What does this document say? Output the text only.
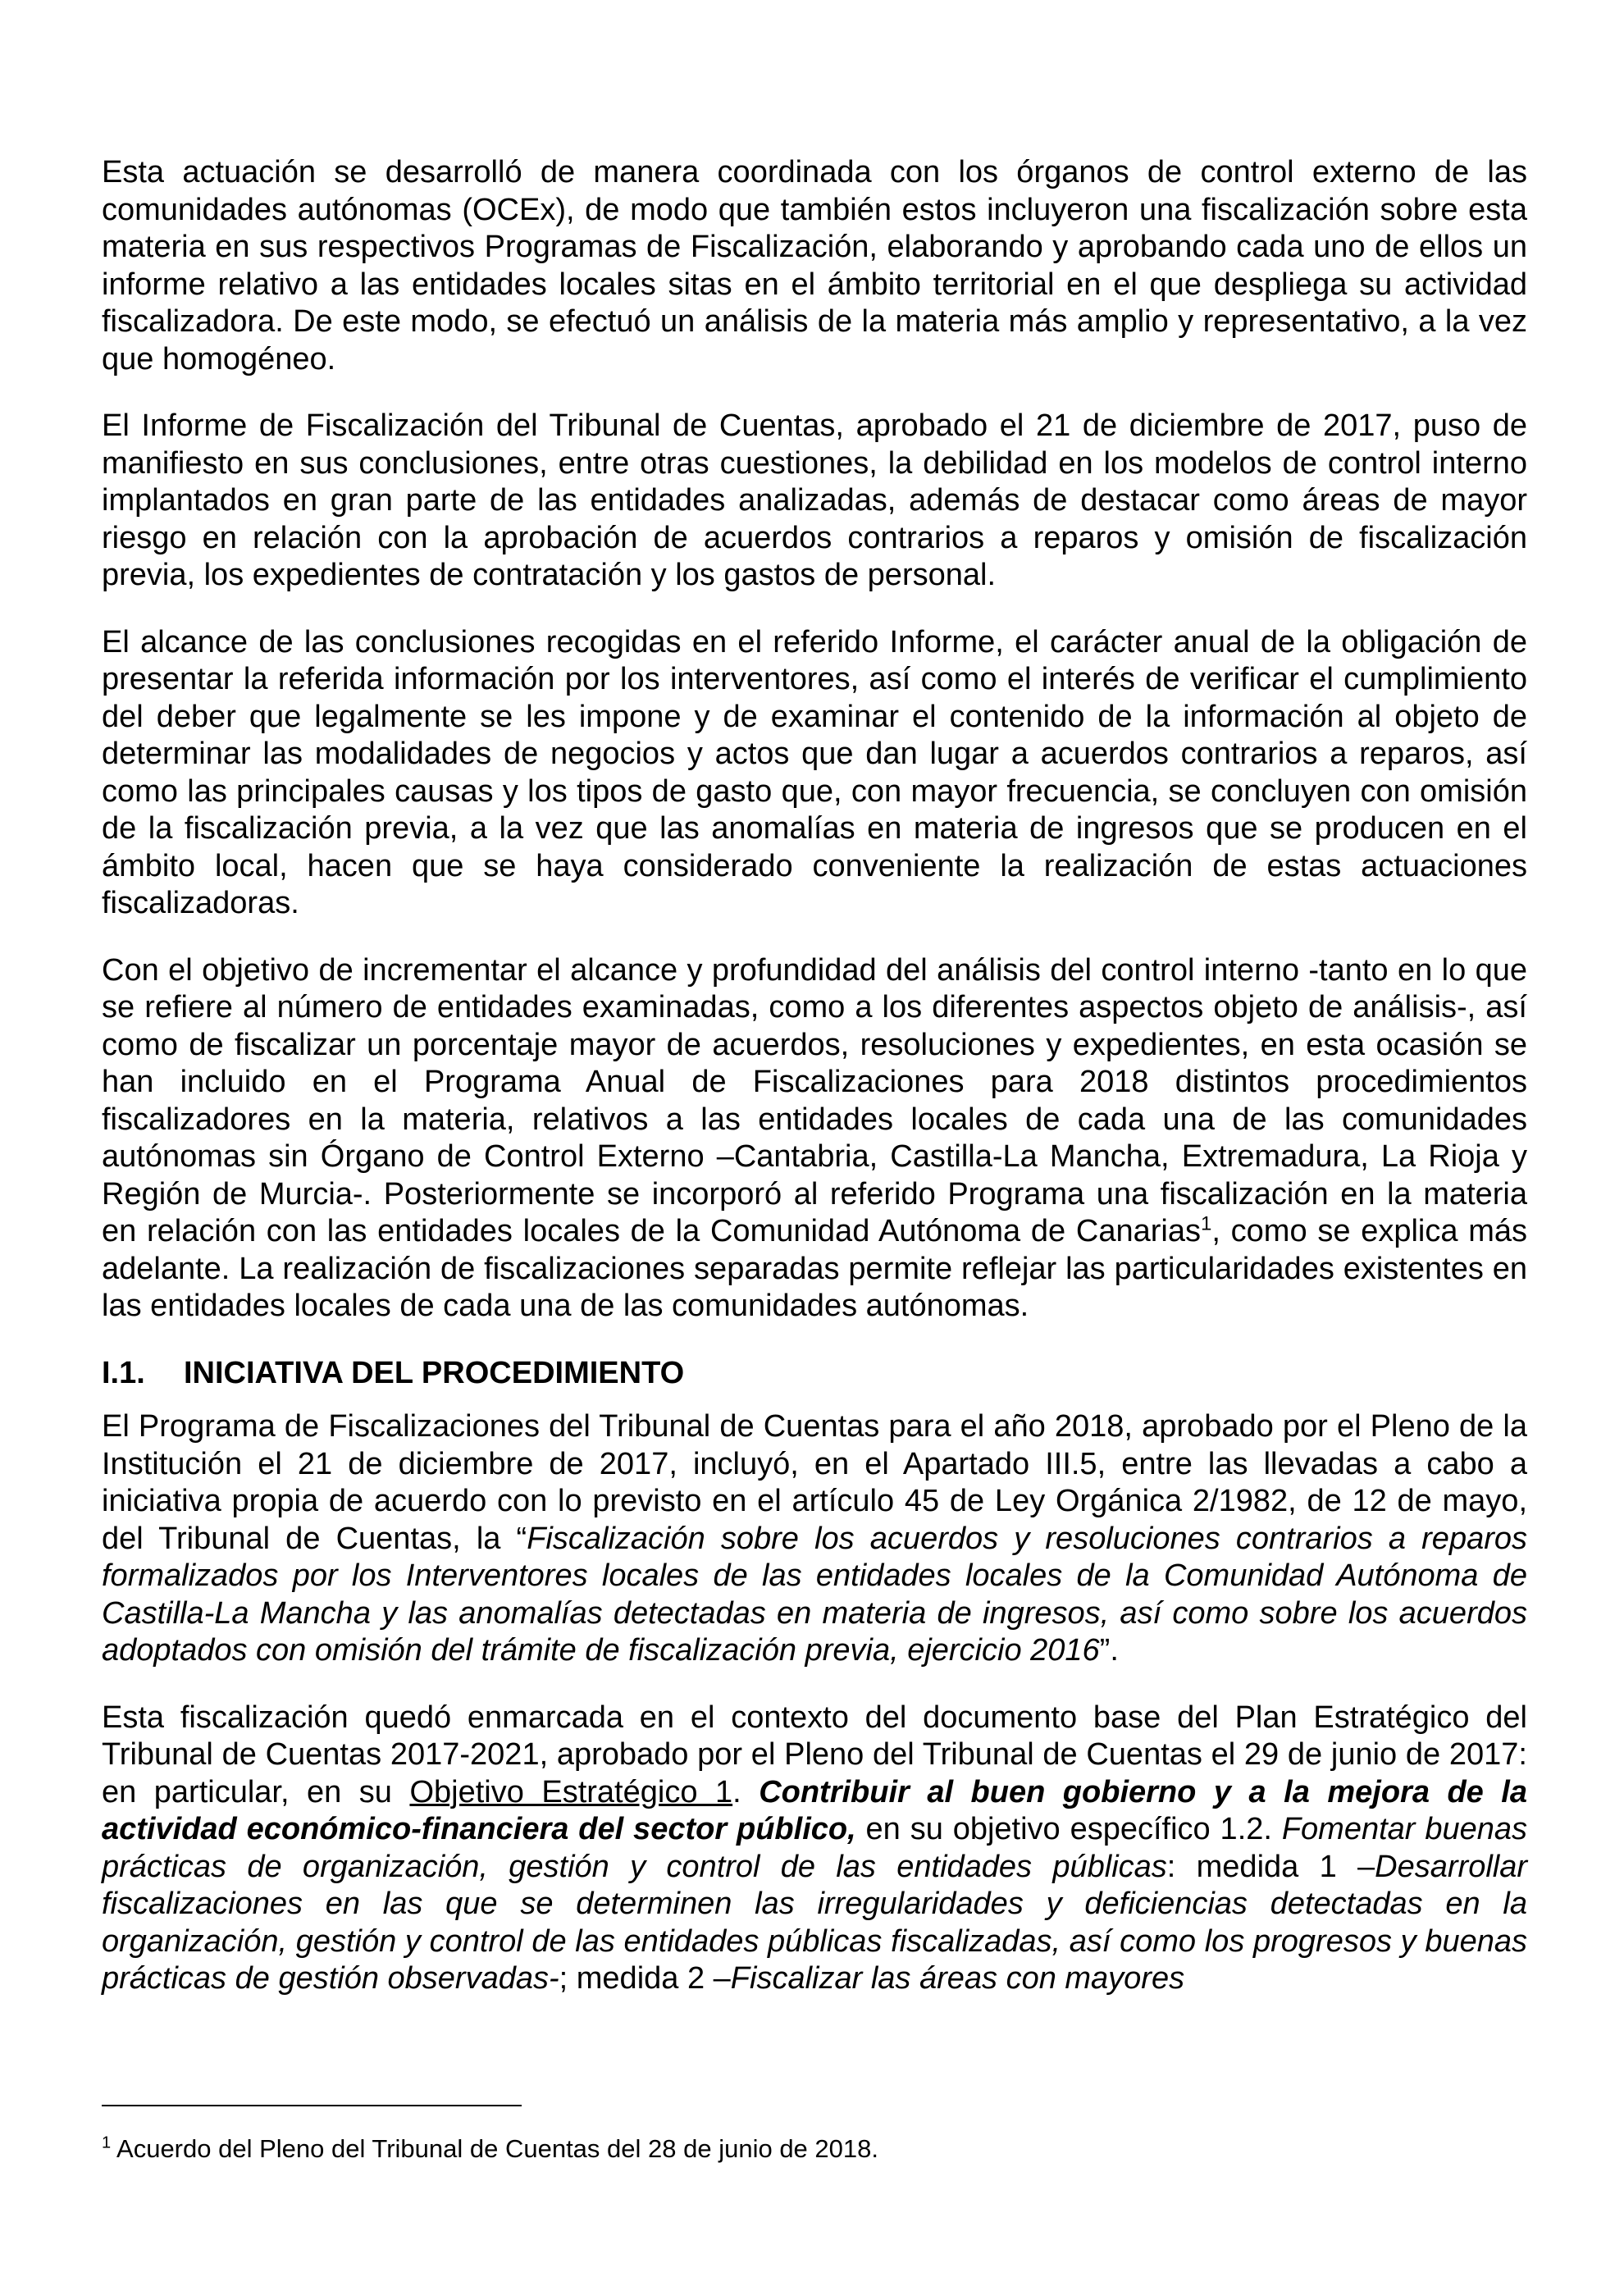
Esta actuación se desarrolló de manera coordinada con los órganos de control externo de las comunidades autónomas (OCEx), de modo que también estos incluyeron una fiscalización sobre esta materia en sus respectivos Programas de Fiscalización, elaborando y aprobando cada uno de ellos un informe relativo a las entidades locales sitas en el ámbito territorial en el que despliega su actividad fiscalizadora. De este modo, se efectuó un análisis de la materia más amplio y representativo, a la vez que homogéneo.

El Informe de Fiscalización del Tribunal de Cuentas, aprobado el 21 de diciembre de 2017, puso de manifiesto en sus conclusiones, entre otras cuestiones, la debilidad en los modelos de control interno implantados en gran parte de las entidades analizadas, además de destacar como áreas de mayor riesgo en relación con la aprobación de acuerdos contrarios a reparos y omisión de fiscalización previa, los expedientes de contratación y los gastos de personal.

El alcance de las conclusiones recogidas en el referido Informe, el carácter anual de la obligación de presentar la referida información por los interventores, así como el interés de verificar el cumplimiento del deber que legalmente se les impone y de examinar el contenido de la información al objeto de determinar las modalidades de negocios y actos que dan lugar a acuerdos contrarios a reparos, así como las principales causas y los tipos de gasto que, con mayor frecuencia, se concluyen con omisión de la fiscalización previa, a la vez que las anomalías en materia de ingresos que se producen en el ámbito local, hacen que se haya considerado conveniente la realización de estas actuaciones fiscalizadoras.

Con el objetivo de incrementar el alcance y profundidad del análisis del control interno -tanto en lo que se refiere al número de entidades examinadas, como a los diferentes aspectos objeto de análisis-, así como de fiscalizar un porcentaje mayor de acuerdos, resoluciones y expedientes, en esta ocasión se han incluido en el Programa Anual de Fiscalizaciones para 2018 distintos procedimientos fiscalizadores en la materia, relativos a las entidades locales de cada una de las comunidades autónomas sin Órgano de Control Externo –Cantabria, Castilla-La Mancha, Extremadura, La Rioja y Región de Murcia-. Posteriormente se incorporó al referido Programa una fiscalización en la materia en relación con las entidades locales de la Comunidad Autónoma de Canarias$^1$, como se explica más adelante. La realización de fiscalizaciones separadas permite reflejar las particularidades existentes en las entidades locales de cada una de las comunidades autónomas.

I.1.	INICIATIVA DEL PROCEDIMIENTO

El Programa de Fiscalizaciones del Tribunal de Cuentas para el año 2018, aprobado por el Pleno de la Institución el 21 de diciembre de 2017, incluyó, en el Apartado III.5, entre las llevadas a cabo a iniciativa propia de acuerdo con lo previsto en el artículo 45 de Ley Orgánica 2/1982, de 12 de mayo, del Tribunal de Cuentas, la “Fiscalización sobre los acuerdos y resoluciones contrarios a reparos formalizados por los Interventores locales de las entidades locales de la Comunidad Autónoma de Castilla-La Mancha y las anomalías detectadas en materia de ingresos, así como sobre los acuerdos adoptados con omisión del trámite de fiscalización previa, ejercicio 2016”.

Esta fiscalización quedó enmarcada en el contexto del documento base del Plan Estratégico del Tribunal de Cuentas 2017-2021, aprobado por el Pleno del Tribunal de Cuentas el 29 de junio de 2017: en particular, en su Objetivo Estratégico 1. Contribuir al buen gobierno y a la mejora de la actividad económico-financiera del sector público, en su objetivo específico 1.2. Fomentar buenas prácticas de organización, gestión y control de las entidades públicas: medida 1 –Desarrollar fiscalizaciones en las que se determinen las irregularidades y deficiencias detectadas en la organización, gestión y control de las entidades públicas fiscalizadas, así como los progresos y buenas prácticas de gestión observadas-; medida 2 –Fiscalizar las áreas con mayores

$^1$ Acuerdo del Pleno del Tribunal de Cuentas del 28 de junio de 2018.
